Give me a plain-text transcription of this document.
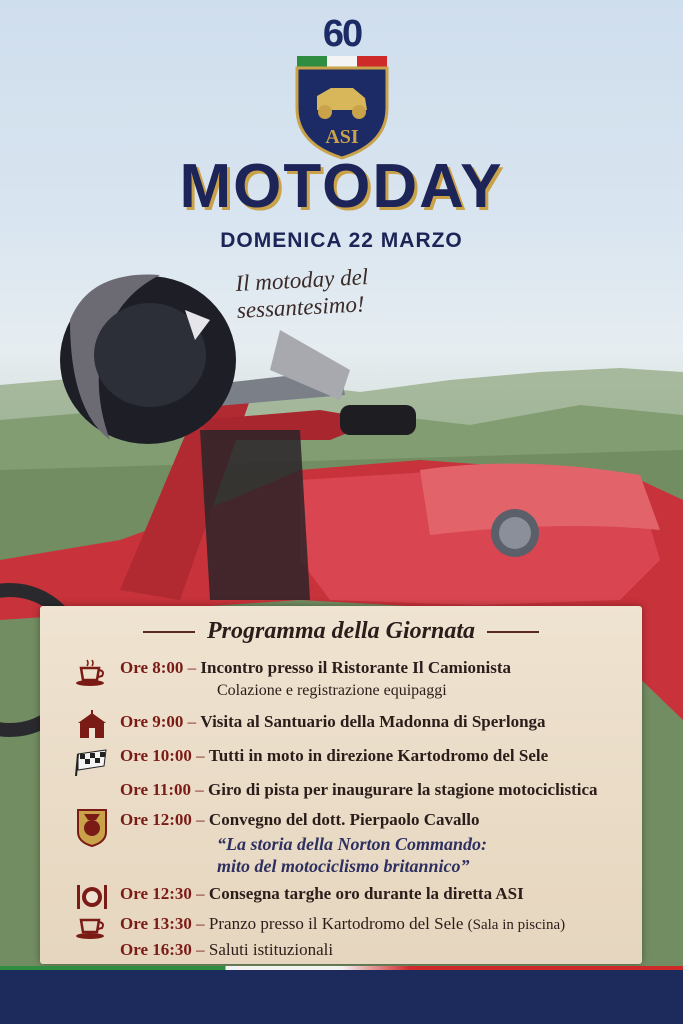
60
ASI
MOTODAY
DOMENICA 22 MARZO
Il motoday del sessantesimo!
Programma della Giornata
Ore 8:00 – Incontro presso il Ristorante Il Camionista
Colazione e registrazione equipaggi
Ore 9:00 – Visita al Santuario della Madonna di Sperlonga
Ore 10:00 – Tutti in moto in direzione Kartodromo del Sele
Ore 11:00 – Giro di pista per inaugurare la stagione motociclistica
Ore 12:00 – Convegno del dott. Pierpaolo Cavallo
“La storia della Norton Commando:
mito del motociclismo britannico”
Ore 12:30 – Consegna targhe oro durante la diretta ASI
Ore 13:30 – Pranzo presso il Kartodromo del Sele (Sala in piscina)
Ore 16:30 – Saluti istituzionali
